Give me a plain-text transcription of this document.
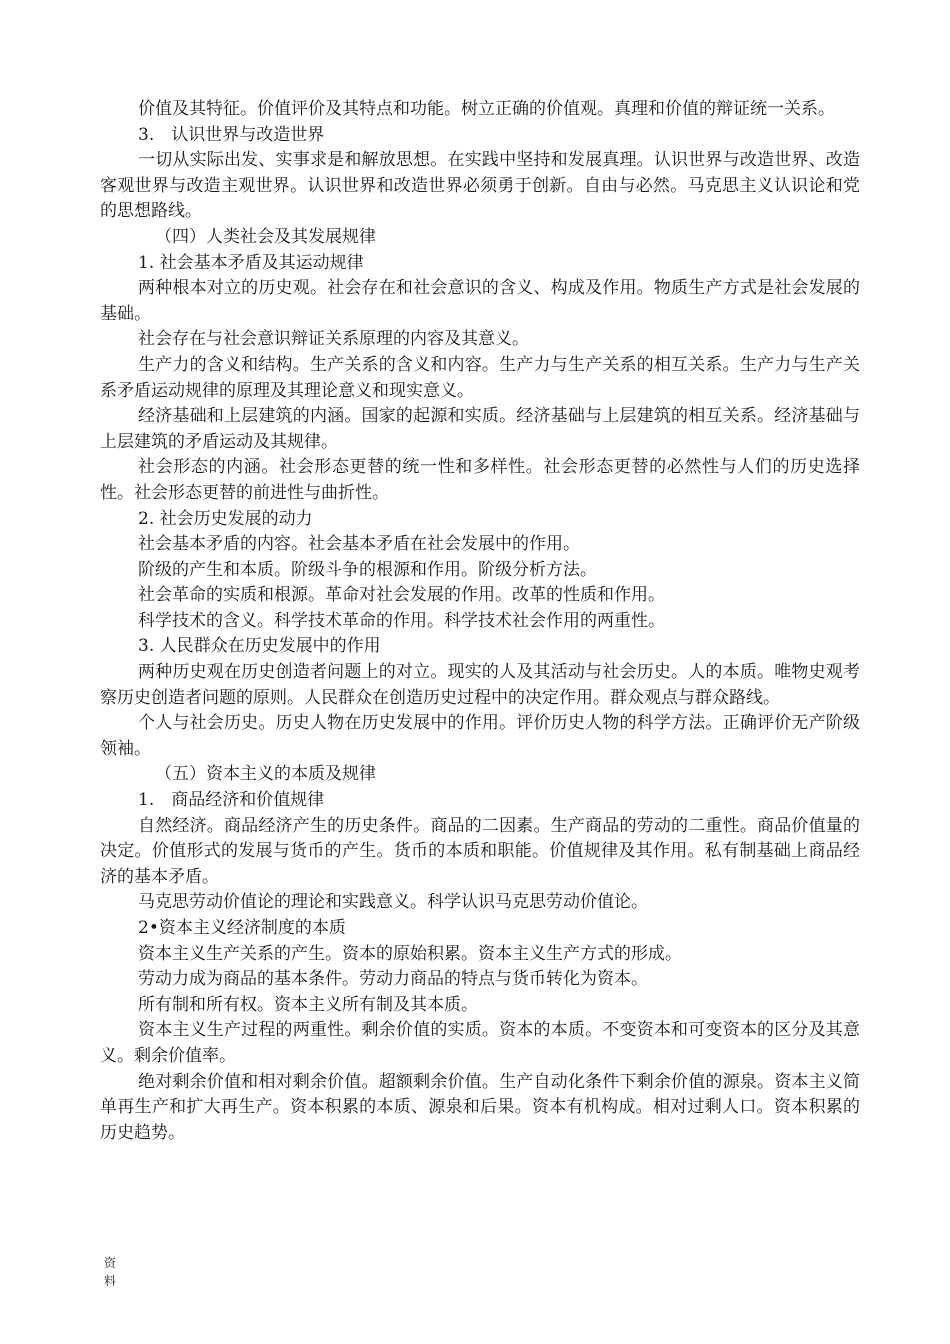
价值及其特征。价值评价及其特点和功能。树立正确的价值观。真理和价值的辩证统一关系。

3.　认识世界与改造世界

一切从实际出发、实事求是和解放思想。在实践中坚持和发展真理。认识世界与改造世界、改造客观世界与改造主观世界。认识世界和改造世界必须勇于创新。自由与必然。马克思主义认识论和党的思想路线。

（四）人类社会及其发展规律

1. 社会基本矛盾及其运动规律

两种根本对立的历史观。社会存在和社会意识的含义、构成及作用。物质生产方式是社会发展的基础。

社会存在与社会意识辩证关系原理的内容及其意义。

生产力的含义和结构。生产关系的含义和内容。生产力与生产关系的相互关系。生产力与生产关系矛盾运动规律的原理及其理论意义和现实意义。

经济基础和上层建筑的内涵。国家的起源和实质。经济基础与上层建筑的相互关系。经济基础与上层建筑的矛盾运动及其规律。

社会形态的内涵。社会形态更替的统一性和多样性。社会形态更替的必然性与人们的历史选择性。社会形态更替的前进性与曲折性。

2. 社会历史发展的动力

社会基本矛盾的内容。社会基本矛盾在社会发展中的作用。

阶级的产生和本质。阶级斗争的根源和作用。阶级分析方法。

社会革命的实质和根源。革命对社会发展的作用。改革的性质和作用。

科学技术的含义。科学技术革命的作用。科学技术社会作用的两重性。

3. 人民群众在历史发展中的作用

两种历史观在历史创造者问题上的对立。现实的人及其活动与社会历史。人的本质。唯物史观考察历史创造者问题的原则。人民群众在创造历史过程中的决定作用。群众观点与群众路线。

个人与社会历史。历史人物在历史发展中的作用。评价历史人物的科学方法。正确评价无产阶级领袖。

（五）资本主义的本质及规律

1.　商品经济和价值规律

自然经济。商品经济产生的历史条件。商品的二因素。生产商品的劳动的二重性。商品价值量的决定。价值形式的发展与货币的产生。货币的本质和职能。价值规律及其作用。私有制基础上商品经济的基本矛盾。

马克思劳动价值论的理论和实践意义。科学认识马克思劳动价值论。

2•资本主义经济制度的本质

资本主义生产关系的产生。资本的原始积累。资本主义生产方式的形成。

劳动力成为商品的基本条件。劳动力商品的特点与货币转化为资本。

所有制和所有权。资本主义所有制及其本质。

资本主义生产过程的两重性。剩余价值的实质。资本的本质。不变资本和可变资本的区分及其意义。剩余价值率。

绝对剩余价值和相对剩余价值。超额剩余价值。生产自动化条件下剩余价值的源泉。资本主义简单再生产和扩大再生产。资本积累的本质、源泉和后果。资本有机构成。相对过剩人口。资本积累的历史趋势。

资
料
